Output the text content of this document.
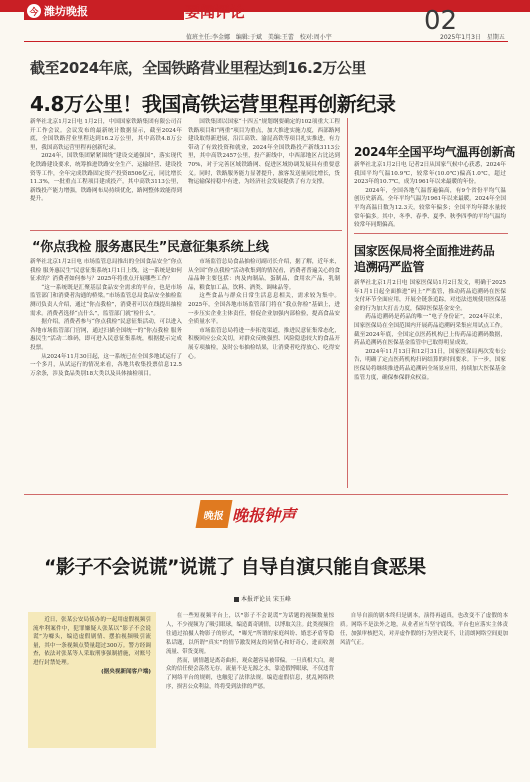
今 潍坊晚报	要闻评论	02
值班主任:李金娜 编辑:于斌 美编:王蕾 校对:周小宇	2025年1月3日 星期五
截至2024年底，全国铁路营业里程达到16.2万公里
4.8万公里！我国高铁运营里程再创新纪录

新华社北京1月2日电 1月2日，中国国家铁路集团有限公司召开工作会议。会议发布的最新统计数据显示，截至2024年底，全国铁路营业里程达到16.2万公里，其中高铁4.8万公里，我国高铁运营里程再创新纪录。

2024年，国铁集团紧紧围绕“建设交通强国”，落实现代化铁路建设要求，统筹推进铁路安全生产、运输经营、建设投资等工作，全年完成铁路固定资产投资8506亿元，同比增长11.3%，一批重点工程项目建成投产，其中高铁3113公里，新线投产能力增强，铁路网布局持续优化，路网整体效能得到提升。

国铁集团以国家“十四五”规划纲要确定的102项重大工程铁路项目和“两重”项目为重点，加大推进实施力度，西部路网建设取得新进展，沿江高铁、渝昆高铁等项目扎实推进，有力带动了有效投资和就业，2024年全国铁路投产新线3113公里，其中高铁2457公里，投产新线中，中西部地区占比达到70%，对于完善区域铁路网、促进区域协调发展具有重要意义。同时，铁路服务能力显著提升，旅客发送量同比增长，货物运输保持稳中有进，为经济社会发展提供了有力支撑。

2024年全国平均气温再创新高

新华社北京1月2日电 记者2日从国家气候中心获悉，2024年我国平均气温10.9℃，较常年(10.0℃)偏高1.0℃，超过2023年的10.7℃，成为1961年以来最暖的年份。

2024年，全国各地气温普遍偏高，有9个省份平均气温创历史新高。全年平均气温为1961年以来最暖。2024年全国平均高温日数为12.3天，较常年偏多；全国平均年降水量较常年偏多。其中，冬季、春季、夏季、秋季四季的平均气温均较常年同期偏高。

国家医保局将全面推进药品追溯码严监管

新华社北京1月2日电 国家医保局1月2日发文，明确于2025年1月1日起全面推进“码上”严监管，推动药品追溯码在医保支付环节全面应用，开展全链条追踪，对违法违规使用医保基金的行为加大打击力度，保障医保基金安全。

药品追溯码是药品的唯一“电子身份证”，2024年以来，国家医保局在全国范围内开展药品追溯码采集应用试点工作。截至2024年底，全国定点医药机构已上传药品追溯码数据，药品追溯码在医保基金监管中已取得明显成效。

2024年11月13日和12月31日，国家医保局两次发布公告，明确了定点医药机构扫码结算的时间要求。下一步，国家医保局将继续推进药品追溯码全场景应用，持续加大医保基金监管力度，确保参保群众权益。

“你点我检 服务惠民生”民意征集系统上线

新华社北京1月2日电 市场监管总局推出的全国食品安全“你点我检 服务惠民生”民意征集系统1月1日上线，这一系统是如何征求的？消费者如何参与？2025年将重点开展哪些工作？

“这一系统既是汇聚基层食品安全需求的平台，也是市场监管部门和消费者沟通的桥梁。”市场监管总局食品安全抽检监测司负责人介绍，通过“你点我检”，消费者可以在线提出抽检需求。消费者选择“点什么”，监管部门就“检什么”。

据介绍，消费者参与“你点我检”民意征集活动，可以进入各地市场监管部门官网，通过扫描全国统一的“你点我检 服务惠民生”活动二维码，即可进入民意征集系统，根据提示完成投票。

从2024年11月30日起，这一系统已在全国多地试运行了一个多月，从试运行的情况来看，各地共收集投票信息12.5万余条，涉及食品类别18大类以及具体抽检项目。

市场监管总局食品抽检司副司长介绍，据了解，近年来，从全国“你点我检”活动收集到的情况看，消费者普遍关心的食品品种主要包括：肉及肉制品，蛋制品，食用农产品，乳制品，粮食加工品，饮料、酒类、调味品等。

这些食品与群众日常生活息息相关，需求较为集中。2025年，全国各地市场监管部门将在“我点你检”基础上，进一步压实企业主体责任，督促企业加强内部检验，提高食品安全质量水平。

市场监管总局将进一步拓宽渠道，推进民意征集常态化，积极回应公众关切，对群众反映强烈、风险隐患较大的食品开展专项抽检，及时公布抽检结果，让消费者吃得放心、吃得安心。

晚报 晚报钟声
“影子不会说谎”说谎了 自导自演只能自食恶果
本报评论员 宋玉峰

近日，张某公安局侦办的一起用虚假视频引流牟利案件中，犯罪嫌疑人张某以“影子不会说谎”为噱头，编造虚假剧情、摆拍视频吸引流量，其中一条视频点赞量超过300万。警方经调查，依法对张某等人采取刑事强制措施，对账号进行封禁处理。

(据央视新闻客户端)

在一些短视频平台上，以“影子不会说谎”为话题的视频数量惊人，不少视频为了吸引眼球，编造离奇剧情，以博取关注。此类视频往往通过拍摄人物影子的形式，“曝光”所谓的家庭纠纷、婚恋矛盾等隐私话题，以所谓“真实”的情节激发网友的同情心和好奇心，进而收割流量、带货变现。

然而，剧情越是离奇曲折，观众越容易被带偏。一旦真相大白，观众的信任便会荡然无存。流量不是无源之水，靠造假博眼球，不仅违背了网络平台的规则，也触犯了法律法规。编造虚假信息，扰乱网络秩序，损害公众利益，终将受到法律的严惩。

自导自演的剧本终归是剧本，演得再逼真，也改变不了虚假的本质。网络不是法外之地，从业者应当坚守底线，平台也应落实主体责任，加强审核把关，对弄虚作假的行为坚决说不，让清朗网络空间更加风清气正。
